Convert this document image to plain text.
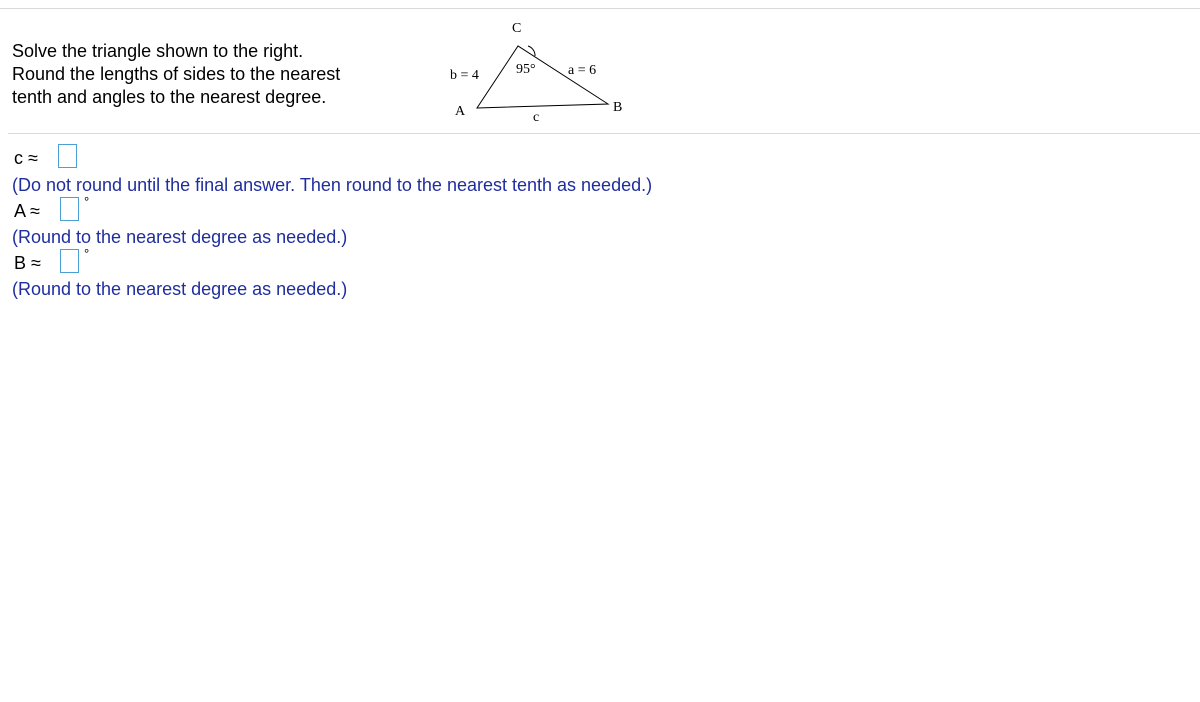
Solve the triangle shown to the right.
Round the lengths of sides to the nearest
tenth and angles to the nearest degree.
C
95°
b = 4	a = 6
A	c
B
c ≈
(Do not round until the final answer. Then round to the nearest tenth as needed.)
A ≈	°
(Round to the nearest degree as needed.)
B ≈	°
(Round to the nearest degree as needed.)
